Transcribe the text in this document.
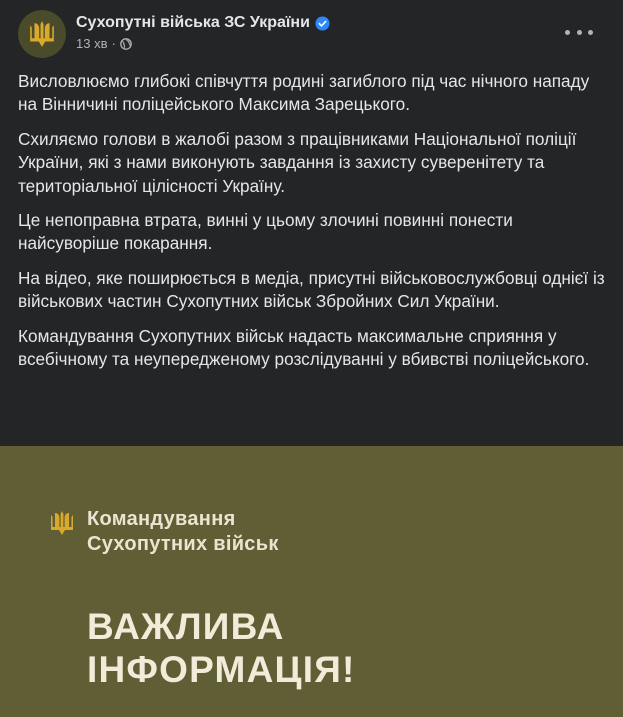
Сухопутні війська ЗС України
13 хв ·

Висловлюємо глибокі співчуття родині загиблого під час нічного нападу на Вінничині поліцейського Максима Зарецького.

Схиляємо голови в жалобі разом з працівниками Національної поліції України, які з нами виконують завдання із захисту суверенітету та територіальної цілісності Україну.

Це непоправна втрата, винні у цьому злочині повинні понести найсуворіше покарання.

На відео, яке поширюється в медіа, присутні військовослужбовці однієї із військових частин Сухопутних військ Збройних Сил України.

Командування Сухопутних військ надасть максимальне сприяння у всебічному та неупередженому розслідуванні у вбивстві поліцейського.

Командування
Сухопутних військ
ВАЖЛИВА
ІНФОРМАЦІЯ!
